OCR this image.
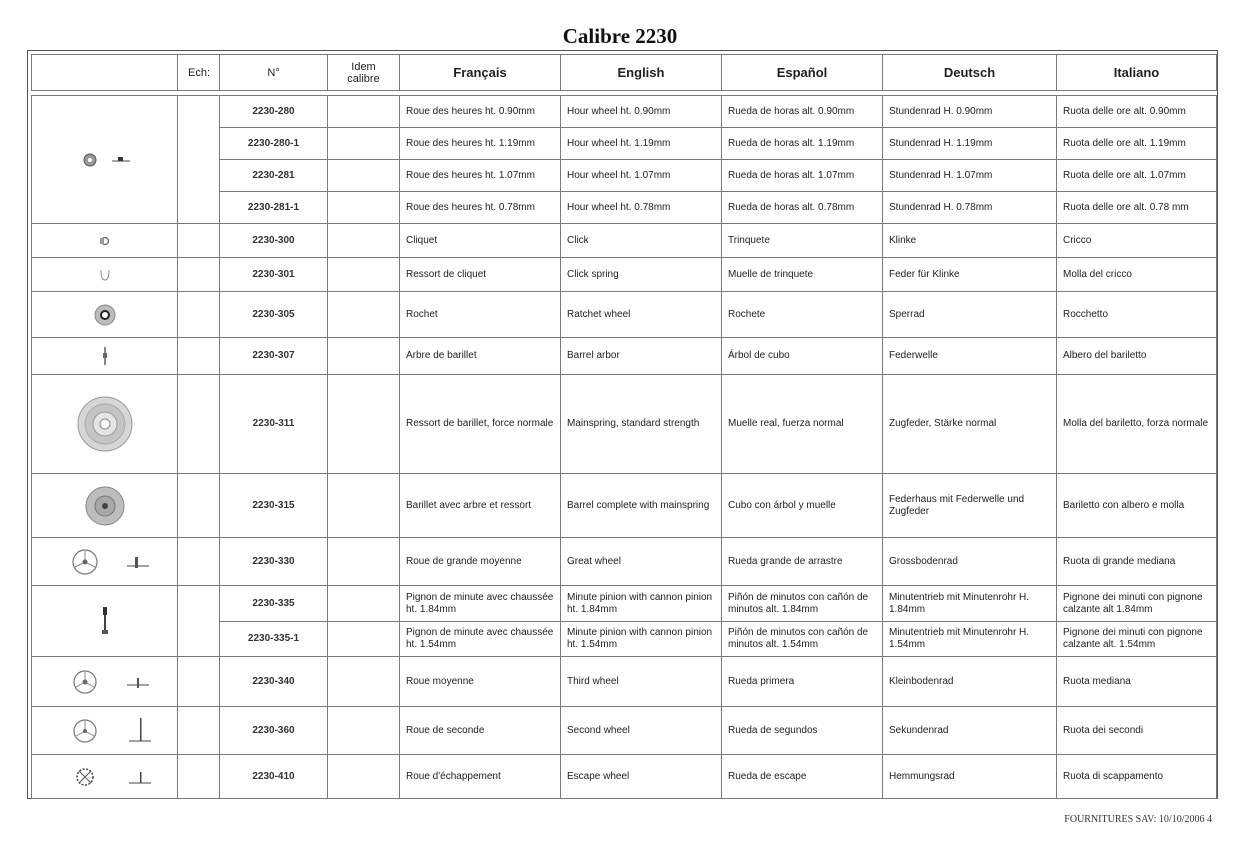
Calibre 2230
	Ech:	N°	Idem calibre	Français	English	Español	Deutsch	Italiano

		2230-280		Roue des heures ht. 0.90mm	Hour wheel ht. 0.90mm	Rueda de horas alt. 0.90mm	Stundenrad H. 0.90mm	Ruota delle ore alt. 0.90mm
		2230-280-1		Roue des heures ht. 1.19mm	Hour wheel ht. 1.19mm	Rueda de horas alt. 1.19mm	Stundenrad H. 1.19mm	Ruota delle ore alt. 1.19mm
		2230-281		Roue des heures ht. 1.07mm	Hour wheel ht. 1.07mm	Rueda de horas alt. 1.07mm	Stundenrad H. 1.07mm	Ruota delle ore alt. 1.07mm
		2230-281-1		Roue des heures ht. 0.78mm	Hour wheel ht. 0.78mm	Rueda de horas alt. 0.78mm	Stundenrad H. 0.78mm	Ruota delle ore alt. 0.78 mm
		2230-300		Cliquet	Click	Trinquete	Klinke	Cricco
		2230-301		Ressort de cliquet	Click spring	Muelle de trinquete	Feder für Klinke	Molla del cricco
		2230-305		Rochet	Ratchet wheel	Rochete	Sperrad	Rocchetto
		2230-307		Arbre de barillet	Barrel arbor	Árbol de cubo	Federwelle	Albero del bariletto
		2230-311		Ressort de barillet, force normale	Mainspring, standard strength	Muelle real, fuerza normal	Zugfeder, Stärke normal	Molla del bariletto, forza normale
		2230-315		Barillet avec arbre et ressort	Barrel complete with mainspring	Cubo con árbol y muelle	Federhaus mit Federwelle und Zugfeder	Bariletto con albero e molla
		2230-330		Roue de grande moyenne	Great wheel	Rueda grande de arrastre	Grossbodenrad	Ruota di grande mediana
		2230-335		Pignon de minute avec chaussée ht. 1.84mm	Minute pinion with cannon pinion ht. 1.84mm	Piñón de minutos con cañón de minutos alt. 1.84mm	Minutentrieb mit Minutenrohr H. 1.84mm	Pignone dei minuti con pignone calzante alt 1.84mm
		2230-335-1		Pignon de minute avec chaussée ht. 1.54mm	Minute pinion with cannon pinion ht. 1.54mm	Piñón de minutos con cañón de minutos alt. 1.54mm	Minutentrieb mit Minutenrohr H. 1.54mm	Pignone dei minuti con pignone calzante alt. 1.54mm
		2230-340		Roue moyenne	Third wheel	Rueda primera	Kleinbodenrad	Ruota mediana
		2230-360		Roue de seconde	Second wheel	Rueda de segundos	Sekundenrad	Ruota dei secondi
		2230-410		Roue d'échappement	Escape wheel	Rueda de escape	Hemmungsrad	Ruota di scappamento
FOURNITURES SAV: 10/10/2006 4
